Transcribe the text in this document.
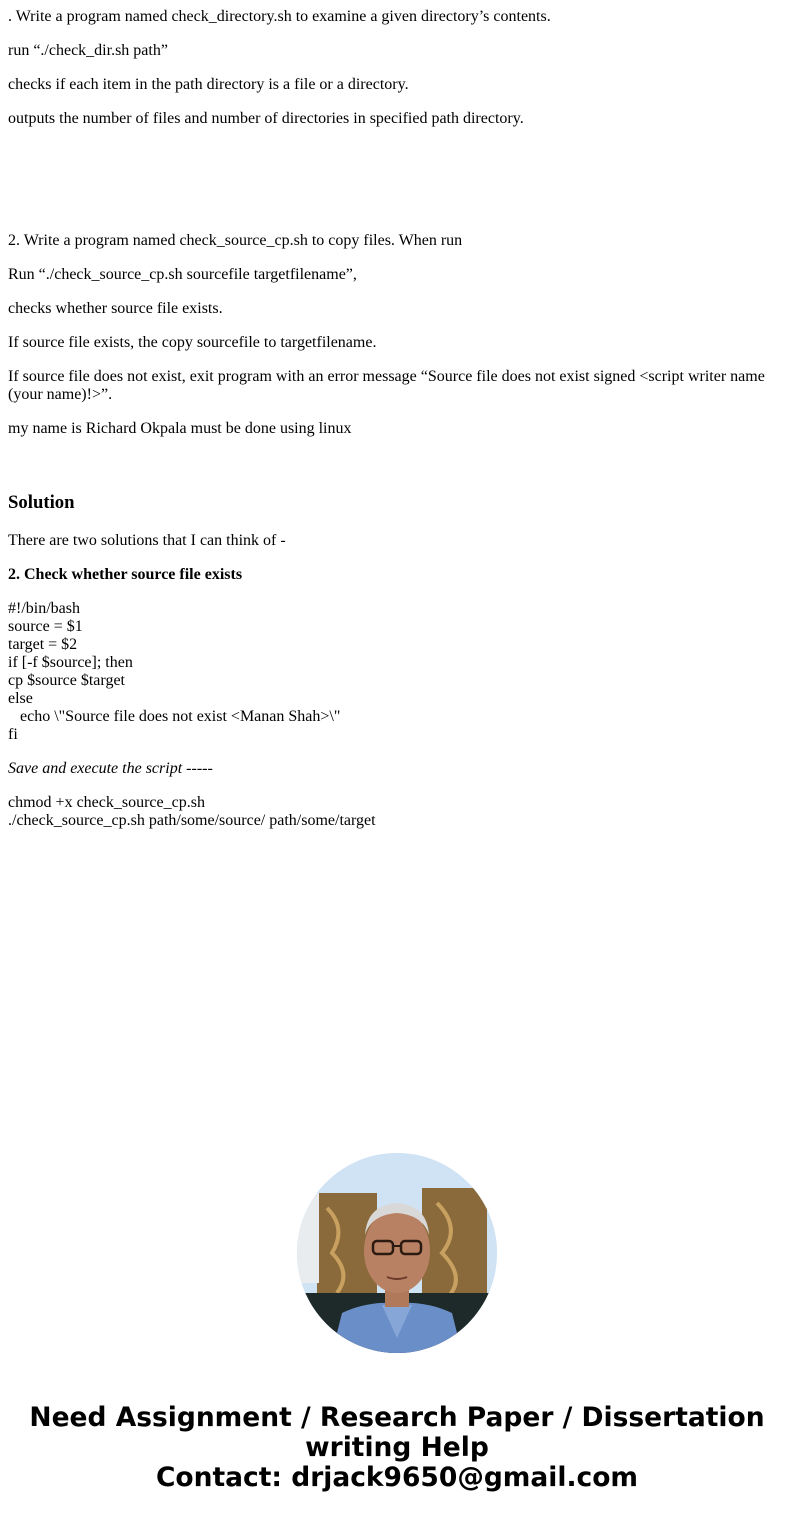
. Write a program named check_directory.sh to examine a given directory’s contents.

run “./check_dir.sh path”

checks if each item in the path directory is a file or a directory.

outputs the number of files and number of directories in specified path directory.

2. Write a program named check_source_cp.sh to copy files. When run

Run “./check_source_cp.sh sourcefile targetfilename”,

checks whether source file exists.

If source file exists, the copy sourcefile to targetfilename.

If source file does not exist, exit program with an error message “Source file does not exist signed <script writer name (your name)!>”.

my name is Richard Okpala must be done using linux

Solution

There are two solutions that I can think of -

2. Check whether source file exists

#!/bin/bash
source = $1
target = $2
if [-f $source]; then
cp $source $target
else
echo \"Source file does not exist <Manan Shah>\"
fi

Save and execute the script -----

chmod +x check_source_cp.sh
./check_source_cp.sh path/some/source/ path/some/target
Need Assignment / Research Paper / Dissertation
writing Help
Contact: drjack9650@gmail.com
